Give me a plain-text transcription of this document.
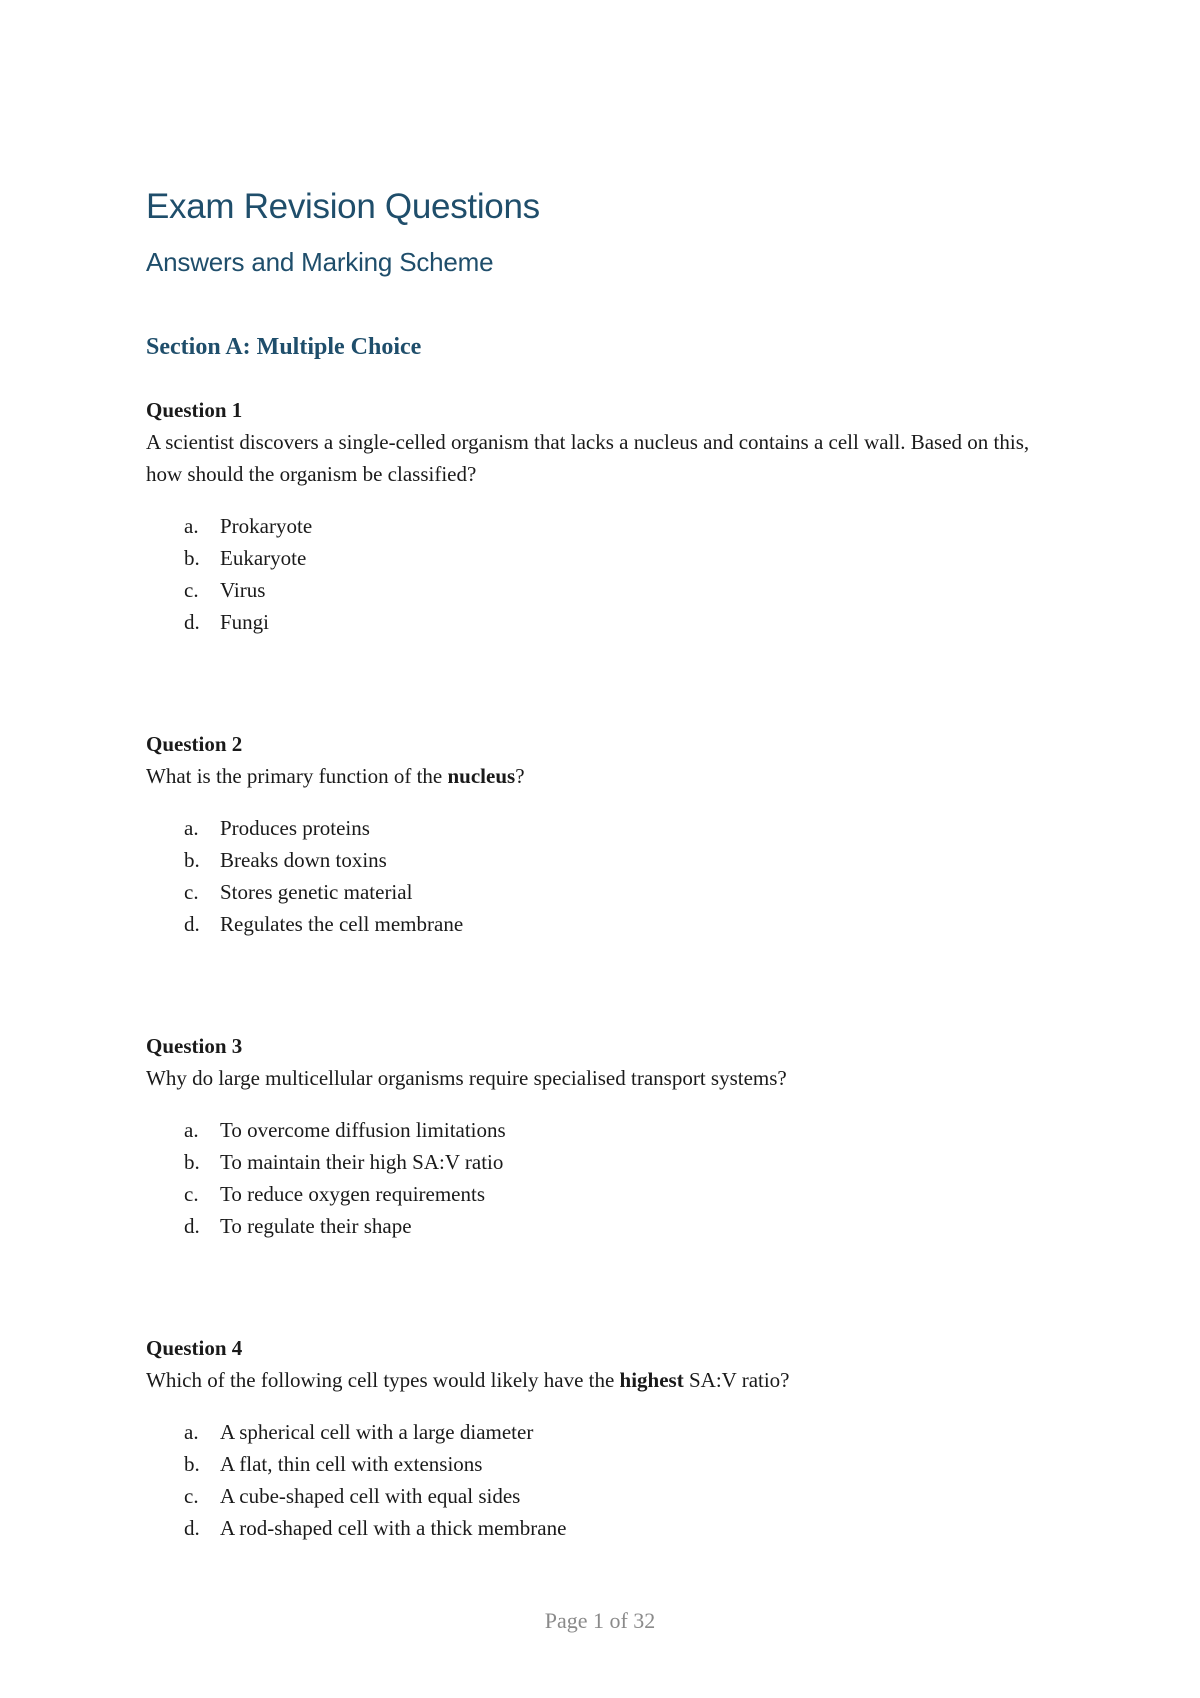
Exam Revision Questions
Answers and Marking Scheme
Section A: Multiple Choice
Question 1
A scientist discovers a single-celled organism that lacks a nucleus and contains a cell wall. Based on this, how should the organism be classified?
a.	Prokaryote
b. Eukaryote
c.	Virus
d. Fungi
Question 2
What is the primary function of the nucleus?
a.	Produces proteins
b. Breaks down toxins
c.	Stores genetic material
d. Regulates the cell membrane
Question 3
Why do large multicellular organisms require specialised transport systems?
a.	To overcome diffusion limitations
b. To maintain their high SA:V ratio
c.	To reduce oxygen requirements
d. To regulate their shape
Question 4
Which of the following cell types would likely have the highest SA:V ratio?
a.	A spherical cell with a large diameter
b. A flat, thin cell with extensions
c.	A cube-shaped cell with equal sides
d. A rod-shaped cell with a thick membrane
Page 1 of 32
